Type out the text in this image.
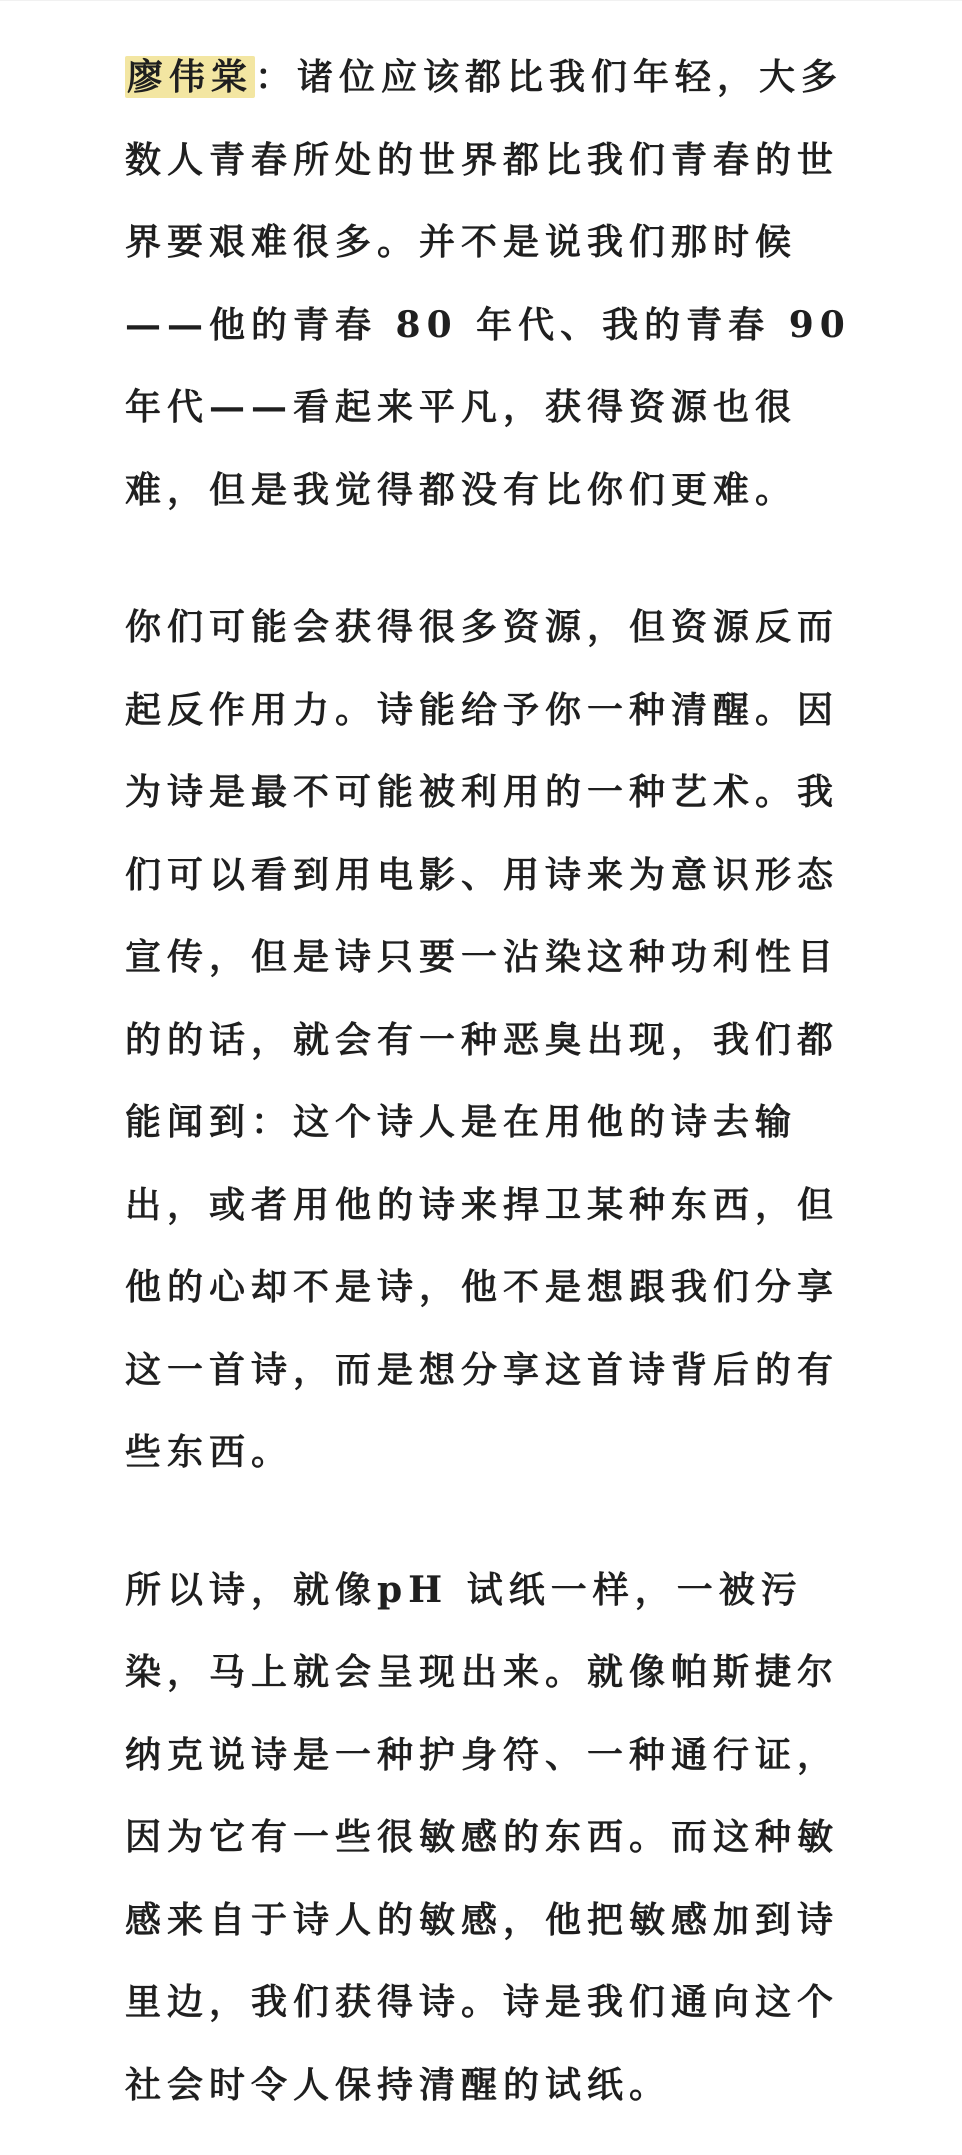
廖伟棠：诸位应该都比我们年轻，大多
数人青春所处的世界都比我们青春的世
界要艰难很多。并不是说我们那时候
——他的青春 80 年代、我的青春 90
年代——看起来平凡，获得资源也很
难，但是我觉得都没有比你们更难。
你们可能会获得很多资源，但资源反而
起反作用力。诗能给予你一种清醒。因
为诗是最不可能被利用的一种艺术。我
们可以看到用电影、用诗来为意识形态
宣传，但是诗只要一沾染这种功利性目
的的话，就会有一种恶臭出现，我们都
能闻到：这个诗人是在用他的诗去输
出，或者用他的诗来捍卫某种东西，但
他的心却不是诗，他不是想跟我们分享
这一首诗，而是想分享这首诗背后的有
些东西。
所以诗，就像pH 试纸一样，一被污
染，马上就会呈现出来。就像帕斯捷尔
纳克说诗是一种护身符、一种通行证，
因为它有一些很敏感的东西。而这种敏
感来自于诗人的敏感，他把敏感加到诗
里边，我们获得诗。诗是我们通向这个
社会时令人保持清醒的试纸。
